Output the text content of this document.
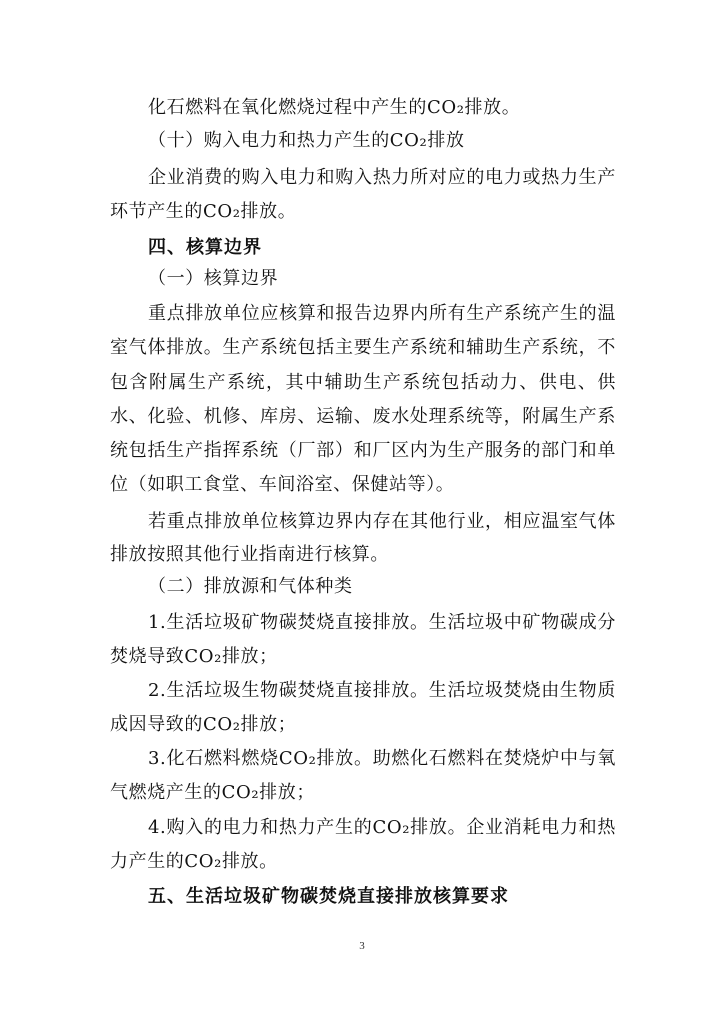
化石燃料在氧化燃烧过程中产生的CO₂排放。
（十）购入电力和热力产生的CO₂排放
企业消费的购入电力和购入热力所对应的电力或热力生产
环节产生的CO₂排放。
四、核算边界
（一）核算边界
重点排放单位应核算和报告边界内所有生产系统产生的温
室气体排放。生产系统包括主要生产系统和辅助生产系统，不
包含附属生产系统，其中辅助生产系统包括动力、供电、供
水、化验、机修、库房、运输、废水处理系统等，附属生产系
统包括生产指挥系统（厂部）和厂区内为生产服务的部门和单
位（如职工食堂、车间浴室、保健站等）。
若重点排放单位核算边界内存在其他行业，相应温室气体
排放按照其他行业指南进行核算。
（二）排放源和气体种类
1.生活垃圾矿物碳焚烧直接排放。生活垃圾中矿物碳成分
焚烧导致CO₂排放；
2.生活垃圾生物碳焚烧直接排放。生活垃圾焚烧由生物质
成因导致的CO₂排放；
3.化石燃料燃烧CO₂排放。助燃化石燃料在焚烧炉中与氧
气燃烧产生的CO₂排放；
4.购入的电力和热力产生的CO₂排放。企业消耗电力和热
力产生的CO₂排放。
五、生活垃圾矿物碳焚烧直接排放核算要求
3
